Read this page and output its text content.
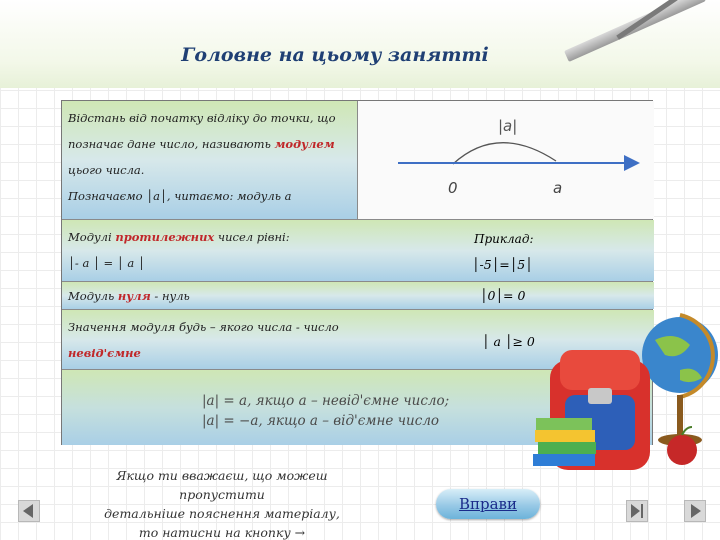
Головне на цьому занятті
Відстань від початку відліку до точки, що
позначає дане число, називають модулем
цього числа.
Позначаємо │а│, читаємо: модуль а
|a|
0	a
Модулі протилежних чисел рівні:
│- а │ = │ а │
Приклад:
│-5│=│5│
Модуль нуля - нуль	│0│= 0
Значення модуля будь – якого числа - число
невід'ємне
│ а │≥ 0
|a| = a, якщо a – невід'ємне число;
|a| = −a, якщо a – від'ємне число
Якщо ти вважаєш, що можеш пропустити
детальніше пояснення матеріалу,
то натисни на кнопку →
Вправи
